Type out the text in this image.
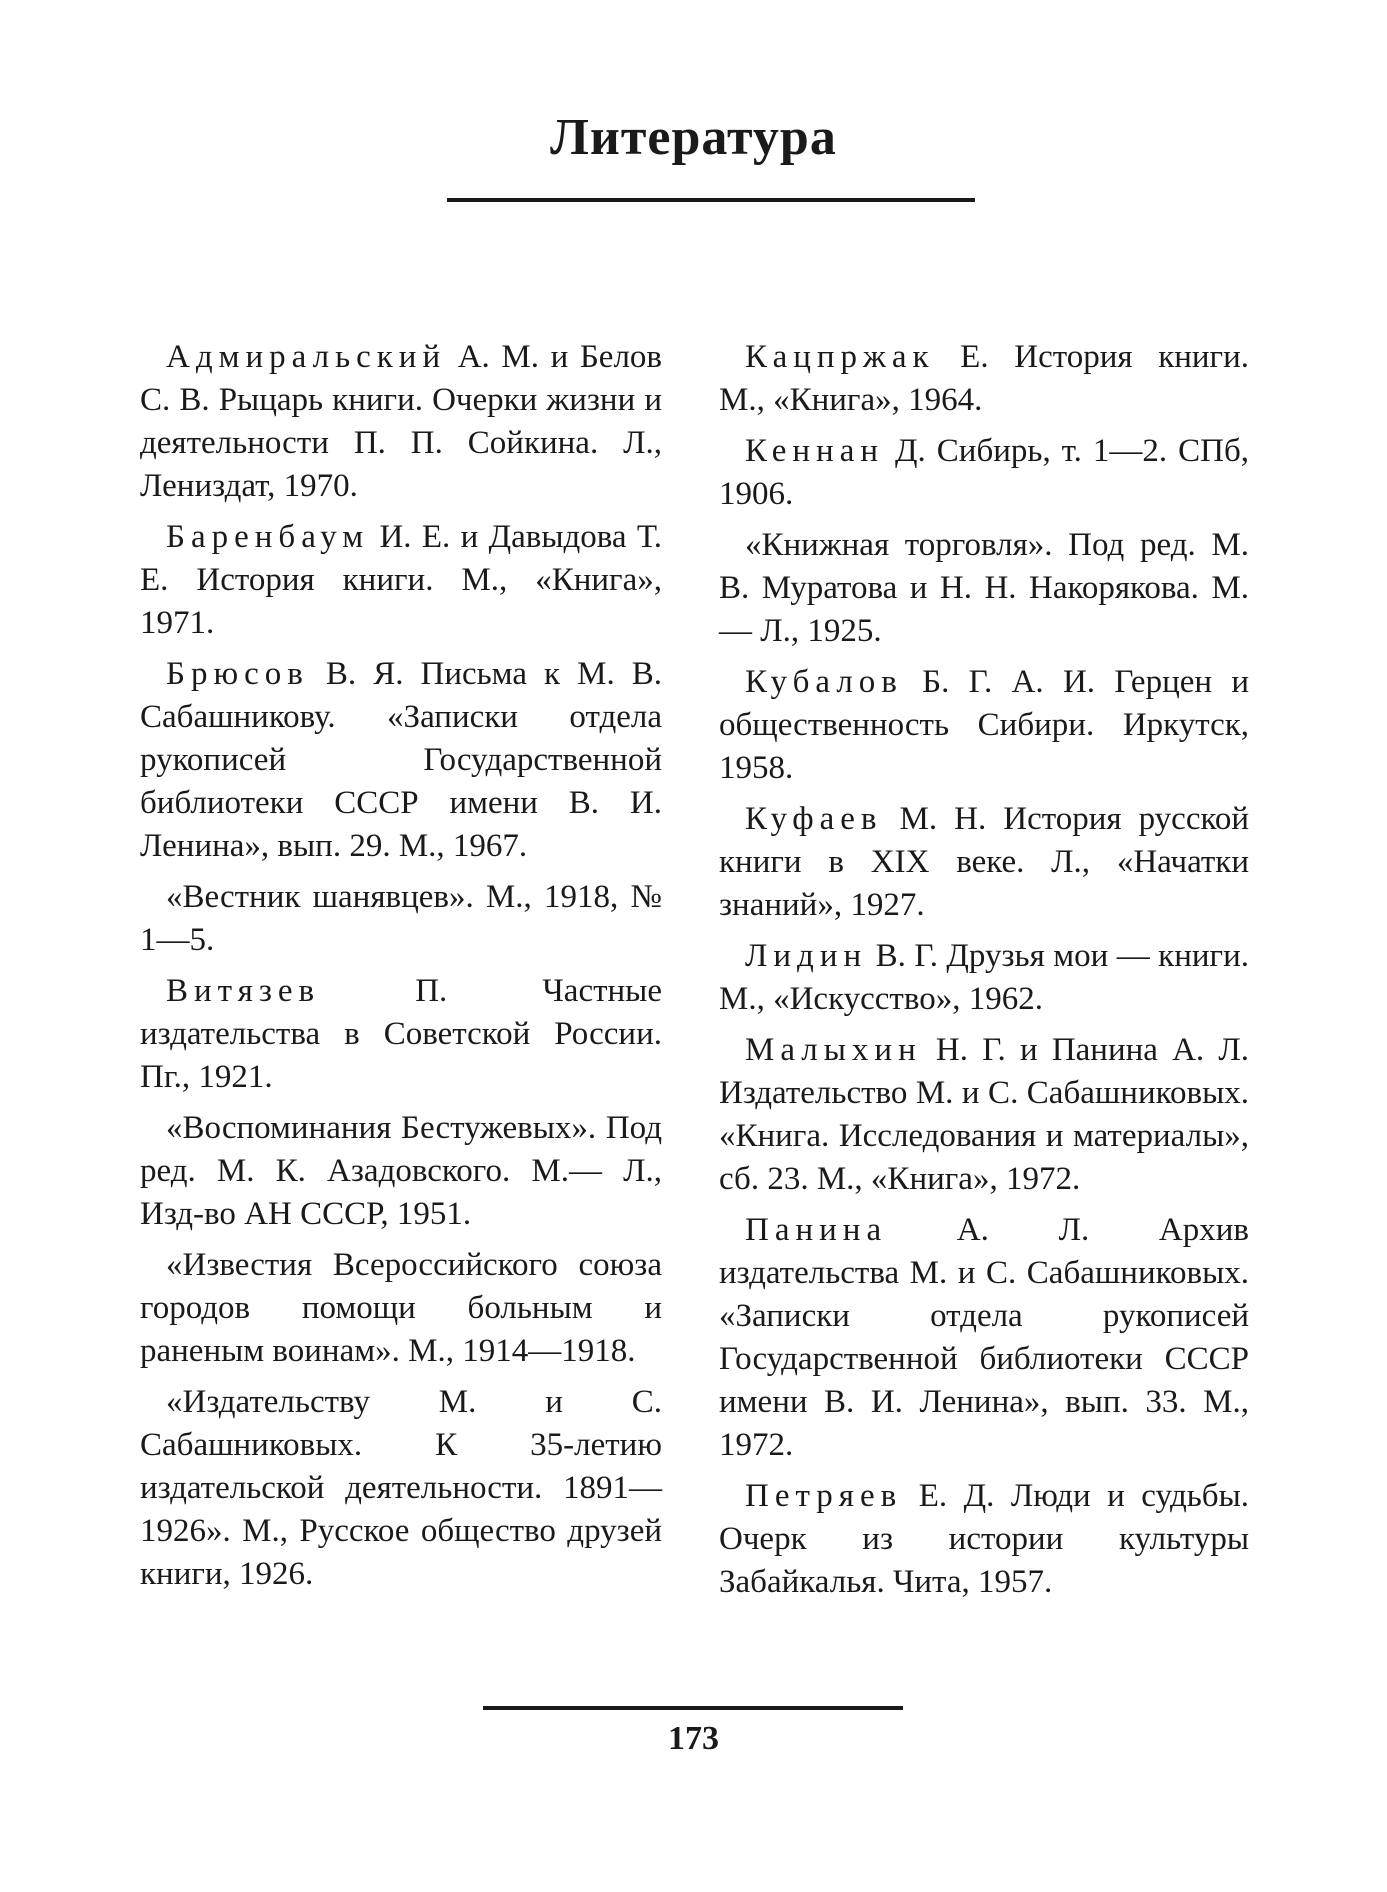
Литература

Адмиральский А. М. и Белов С. В. Рыцарь книги. Очерки жизни и деятельности П. П. Сойкина. Л., Лениздат, 1970.

Баренбаум И. Е. и Давыдова Т. Е. История книги. М., «Книга», 1971.

Брюсов В. Я. Письма к М. В. Сабашникову. «Записки отдела рукописей Государственной библиотеки СССР имени В. И. Ленина», вып. 29. М., 1967.

«Вестник шанявцев». М., 1918, № 1—5.

Витязев П. Частные издательства в Советской России. Пг., 1921.

«Воспоминания Бестужевых». Под ред. М. К. Азадовского. М.— Л., Изд-во АН СССР, 1951.

«Известия Всероссийского союза городов помощи больным и раненым воинам». М., 1914—1918.

«Издательству М. и С. Сабашниковых. К 35-летию издательской деятельности. 1891—1926». М., Русское общество друзей книги, 1926.

Кацпржак Е. История книги. М., «Книга», 1964.

Кеннан Д. Сибирь, т. 1—2. СПб, 1906.

«Книжная торговля». Под ред. М. В. Муратова и Н. Н. Накорякова. М.— Л., 1925.

Кубалов Б. Г. А. И. Герцен и общественность Сибири. Иркутск, 1958.

Куфаев М. Н. История русской книги в XIX веке. Л., «Начатки знаний», 1927.

Лидин В. Г. Друзья мои — книги. М., «Искусство», 1962.

Малыхин Н. Г. и Панина А. Л. Издательство М. и С. Сабашниковых. «Книга. Исследования и материалы», сб. 23. М., «Книга», 1972.

Панина А. Л. Архив издательства М. и С. Сабашниковых. «Записки отдела рукописей Государственной библиотеки СССР имени В. И. Ленина», вып. 33. М., 1972.

Петряев Е. Д. Люди и судьбы. Очерк из истории культуры Забайкалья. Чита, 1957.

173
